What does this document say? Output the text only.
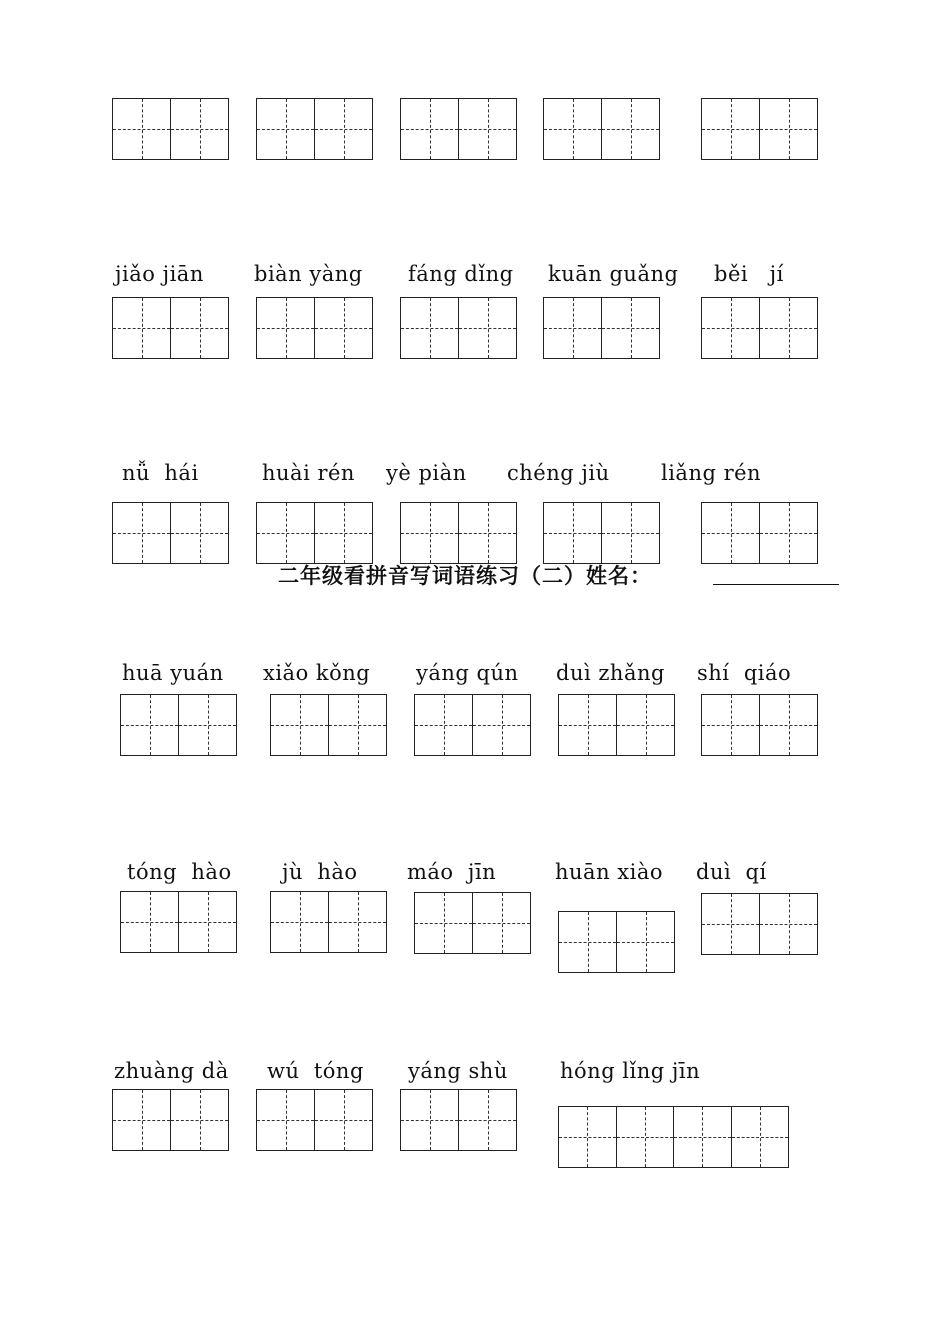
jiǎo jiān biàn yàng fáng dǐng kuān guǎng běi   jí
nǚ  hái	huài rén yè piàn chéng jiù liǎng rén
二年级看拼音写词语练习（二）姓名：
huā yuán xiǎo kǒng yáng qún duì zhǎng shí  qiáo
tóng  hào jù  hào máo  jīn	huān xiào duì  qí
zhuàng dà wú  tóng yáng shù hóng lǐng jīn
